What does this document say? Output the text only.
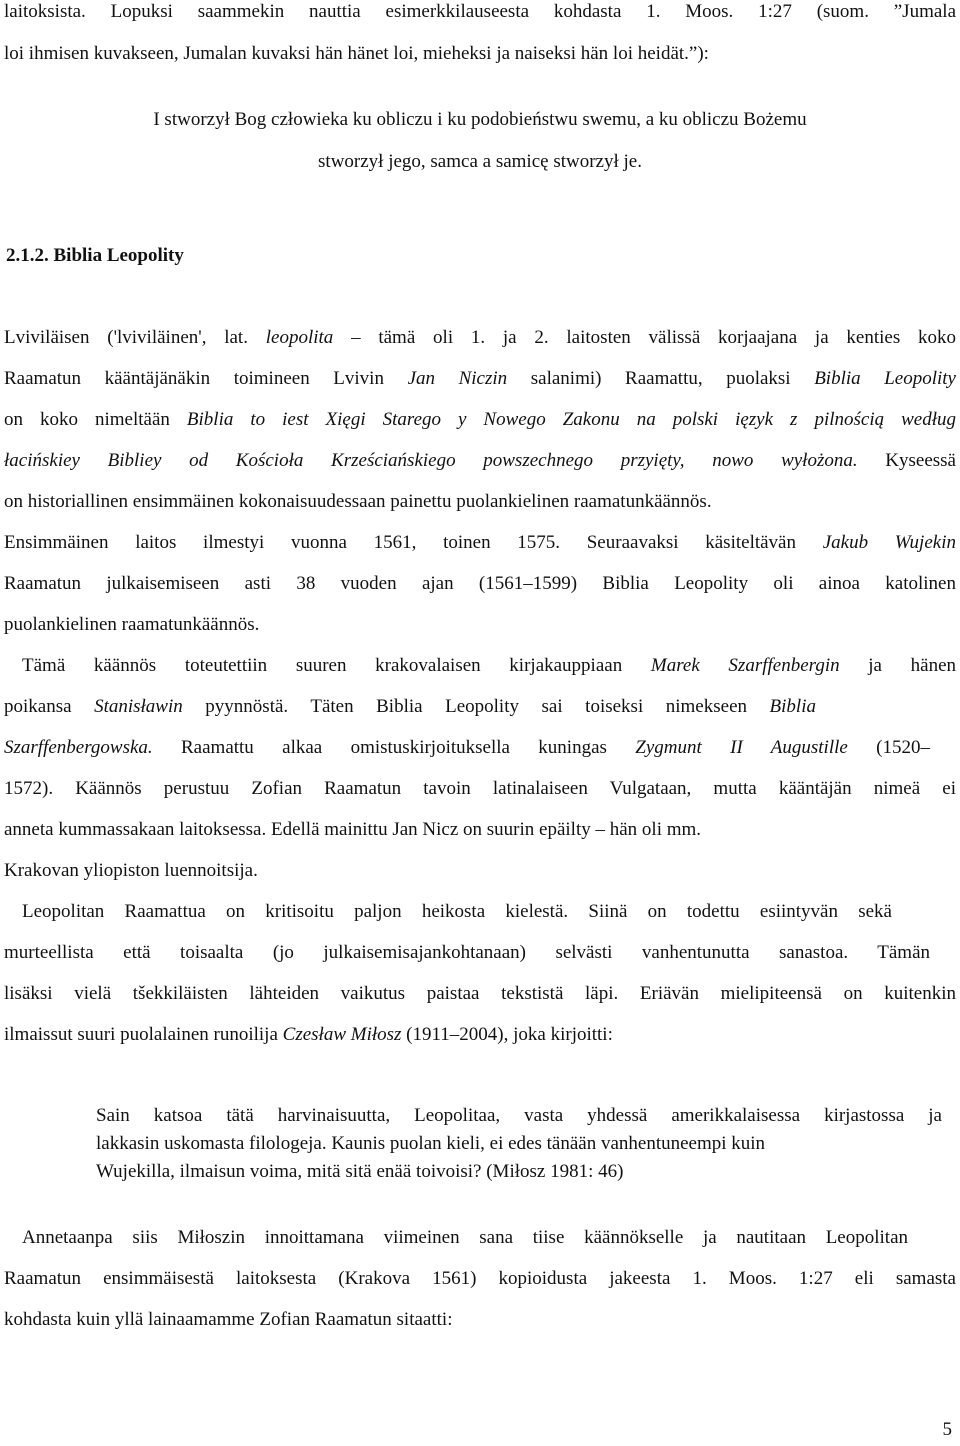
laitoksista. Lopuksi saammekin nauttia esimerkkilauseesta kohdasta 1. Moos. 1:27 (suom. ”Jumala
loi ihmisen kuvakseen, Jumalan kuvaksi hän hänet loi, mieheksi ja naiseksi hän loi heidät.”):
I stworzył Bog człowieka ku obliczu i ku podobieństwu swemu, a ku obliczu Bożemu
stworzył jego, samca a samicę stworzył je.
2.1.2. Biblia Leopolity
Lviviläisen ('lviviläinen', lat. leopolita – tämä oli 1. ja 2. laitosten välissä korjaajana ja kenties koko
Raamatun kääntäjänäkin toimineen Lvivin Jan Niczin salanimi) Raamattu, puolaksi Biblia Leopolity
on koko nimeltään Biblia to iest Xięgi Starego y Nowego Zakonu na polski ięzyk z pilnością według
łacińskiey Bibliey od Kościoła Krześciańskiego powszechnego przyięty, nowo wyłożona. Kyseessä
on historiallinen ensimmäinen kokonaisuudessaan painettu puolankielinen raamatunkäännös.
Ensimmäinen laitos ilmestyi vuonna 1561, toinen 1575. Seuraavaksi käsiteltävän Jakub Wujekin
Raamatun julkaisemiseen asti 38 vuoden ajan (1561–1599) Biblia Leopolity oli ainoa katolinen
puolankielinen raamatunkäännös.
Tämä käännös toteutettiin suuren krakovalaisen kirjakauppiaan Marek Szarffenbergin ja hänen
poikansa Stanisławin pyynnöstä. Täten Biblia Leopolity sai toiseksi nimekseen Biblia
Szarffenbergowska. Raamattu alkaa omistuskirjoituksella kuningas Zygmunt II Augustille (1520–
1572). Käännös perustuu Zofian Raamatun tavoin latinalaiseen Vulgataan, mutta kääntäjän nimeä ei
anneta kummassakaan laitoksessa. Edellä mainittu Jan Nicz on suurin epäilty – hän oli mm.
Krakovan yliopiston luennoitsija.
Leopolitan Raamattua on kritisoitu paljon heikosta kielestä. Siinä on todettu esiintyvän sekä
murteellista että toisaalta (jo julkaisemisajankohtanaan) selvästi vanhentunutta sanastoa. Tämän
lisäksi vielä tšekkiläisten lähteiden vaikutus paistaa tekstistä läpi. Eriävän mielipiteensä on kuitenkin
ilmaissut suuri puolalainen runoilija Czesław Miłosz (1911–2004), joka kirjoitti:
Sain katsoa tätä harvinaisuutta, Leopolitaa, vasta yhdessä amerikkalaisessa kirjastossa ja
lakkasin uskomasta filologeja. Kaunis puolan kieli, ei edes tänään vanhentuneempi kuin
Wujekilla, ilmaisun voima, mitä sitä enää toivoisi? (Miłosz 1981: 46)
Annetaanpa siis Miłoszin innoittamana viimeinen sana tiise käännökselle ja nautitaan Leopolitan
Raamatun ensimmäisestä laitoksesta (Krakova 1561) kopioidusta jakeesta 1. Moos. 1:27 eli samasta
kohdasta kuin yllä lainaamamme Zofian Raamatun sitaatti:
5
